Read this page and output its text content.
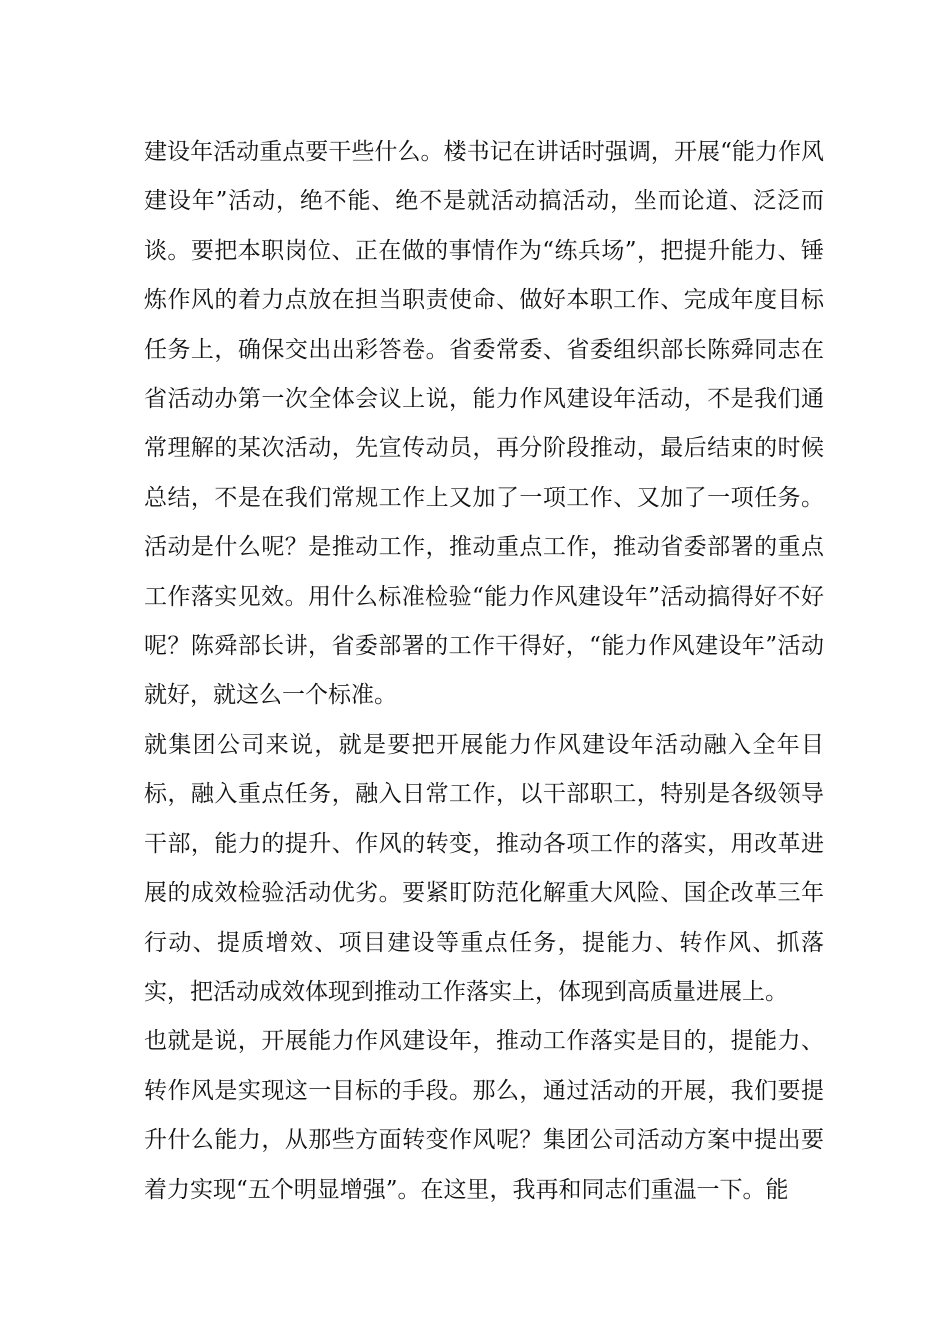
建设年活动重点要干些什么。楼书记在讲话时强调，开展“能力作风建设年”活动，绝不能、绝不是就活动搞活动，坐而论道、泛泛而谈。要把本职岗位、正在做的事情作为“练兵场”，把提升能力、锤炼作风的着力点放在担当职责使命、做好本职工作、完成年度目标任务上，确保交出出彩答卷。省委常委、省委组织部长陈舜同志在省活动办第一次全体会议上说，能力作风建设年活动，不是我们通常理解的某次活动，先宣传动员，再分阶段推动，最后结束的时候总结，不是在我们常规工作上又加了一项工作、又加了一项任务。活动是什么呢？是推动工作，推动重点工作，推动省委部署的重点工作落实见效。用什么标准检验“能力作风建设年”活动搞得好不好呢？陈舜部长讲，省委部署的工作干得好，“能力作风建设年”活动就好，就这么一个标准。

就集团公司来说，就是要把开展能力作风建设年活动融入全年目标，融入重点任务，融入日常工作，以干部职工，特别是各级领导干部，能力的提升、作风的转变，推动各项工作的落实，用改革进展的成效检验活动优劣。要紧盯防范化解重大风险、国企改革三年行动、提质增效、项目建设等重点任务，提能力、转作风、抓落实，把活动成效体现到推动工作落实上，体现到高质量进展上。

也就是说，开展能力作风建设年，推动工作落实是目的，提能力、转作风是实现这一目标的手段。那么，通过活动的开展，我们要提升什么能力，从那些方面转变作风呢？集团公司活动方案中提出要着力实现“五个明显增强”。在这里，我再和同志们重温一下。能
